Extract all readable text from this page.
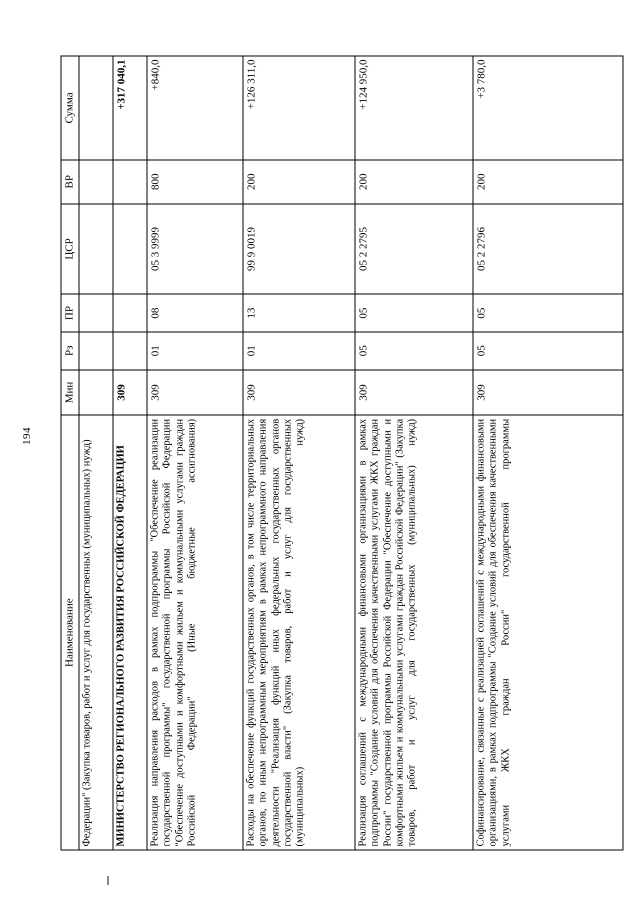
194
Наименование	Мин	Рз	ПР	ЦСР	ВР	Сумма
Федерации" (Закупка товаров, работ и услуг для государственных (муниципальных) нужд)						
МИНИСТЕРСТВО РЕГИОНАЛЬНОГО РАЗВИТИЯ РОССИЙСКОЙ ФЕДЕРАЦИИ	309					+317 040,1
Реализация направления расходов в рамках подпрограммы "Обеспечение реализации государственной программы" государственной программы Российской Федерации "Обеспечение доступными и комфортными жильем и коммунальными услугами граждан Российской Федерации" (Иные бюджетные ассигнования)	309	01	08	05 3 9999	800	+840,0
Расходы на обеспечение функций государственных органов, в том числе территориальных органов, по иным непрограммным мероприятиям в рамках непрограммного направления деятельности "Реализация функций иных федеральных государственных органов государственной власти" (Закупка товаров, работ и услуг для государственных (муниципальных) нужд)	309	01	13	99 9 0019	200	+126 311,0
Реализация соглашений с международными финансовыми организациями в рамках подпрограммы "Создание условий для обеспечения качественными услугами ЖКХ граждан России" государственной программы Российской Федерации "Обеспечение доступными и комфортными жильем и коммунальными услугами граждан Российской Федерации" (Закупка товаров, работ и услуг для государственных (муниципальных) нужд)	309	05	05	05 2 2795	200	+124 950,0
Софинансирование, связанные с реализацией соглашений с международными финансовыми организациями, в рамках подпрограммы "Создание условий для обеспечения качественными услугами ЖКХ граждан России" государственной программы	309	05	05	05 2 2796	200	+3 780,0
